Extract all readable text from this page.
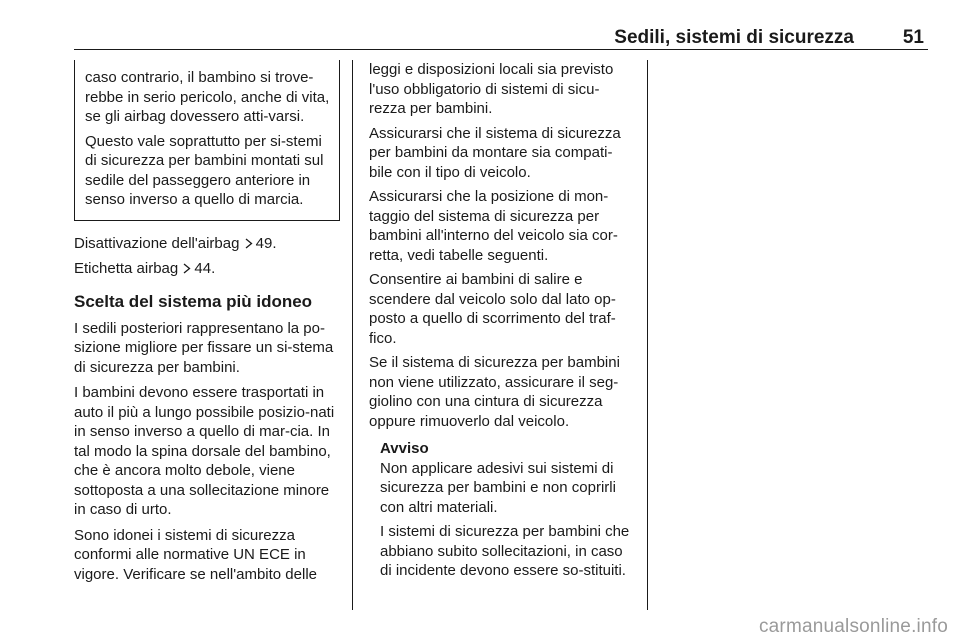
Sedili, sistemi di sicurezza	51

caso contrario, il bambino si trove-rebbe in serio pericolo, anche di vita, se gli airbag dovessero atti-varsi.

Questo vale soprattutto per si-stemi di sicurezza per bambini montati sul sedile del passeggero anteriore in senso inverso a quello di marcia.

Disattivazione dell'airbag 49.

Etichetta airbag 44.

Scelta del sistema più idoneo

I sedili posteriori rappresentano la po-sizione migliore per fissare un si-stema di sicurezza per bambini.

I bambini devono essere trasportati in auto il più a lungo possibile posizio-nati in senso inverso a quello di mar-cia. In tal modo la spina dorsale del bambino, che è ancora molto debole, viene sottoposta a una sollecitazione minore in caso di urto.

Sono idonei i sistemi di sicurezza conformi alle normative UN ECE in vigore. Verificare se nell'ambito delle

leggi e disposizioni locali sia previsto l'uso obbligatorio di sistemi di sicu-rezza per bambini.

Assicurarsi che il sistema di sicurezza per bambini da montare sia compati-bile con il tipo di veicolo.

Assicurarsi che la posizione di mon-taggio del sistema di sicurezza per bambini all'interno del veicolo sia cor-retta, vedi tabelle seguenti.

Consentire ai bambini di salire e scendere dal veicolo solo dal lato op-posto a quello di scorrimento del traf-fico.

Se il sistema di sicurezza per bambini non viene utilizzato, assicurare il seg-giolino con una cintura di sicurezza oppure rimuoverlo dal veicolo.

Avviso

Non applicare adesivi sui sistemi di sicurezza per bambini e non coprirli con altri materiali.

I sistemi di sicurezza per bambini che abbiano subito sollecitazioni, in caso di incidente devono essere so-stituiti.

carmanualsonline.info
